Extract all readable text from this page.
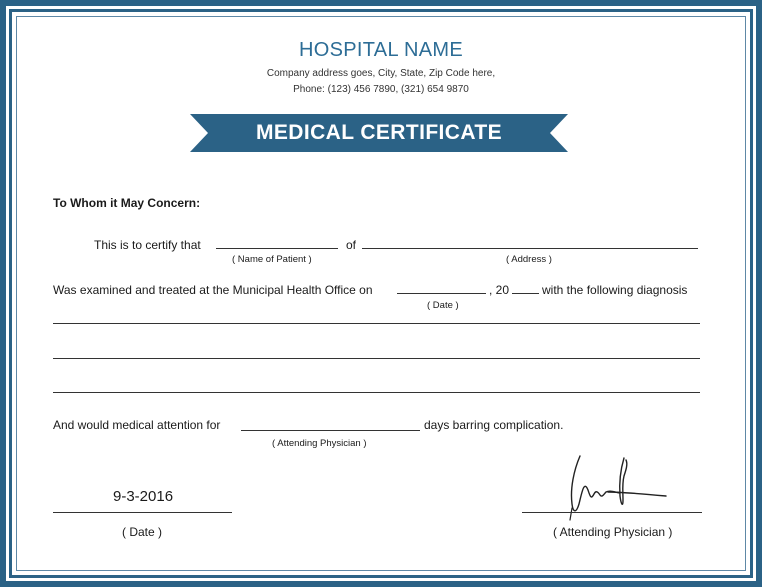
HOSPITAL NAME
Company address goes, City, State, Zip Code here,
Phone: (123) 456 7890, (321) 654 9870
MEDICAL CERTIFICATE
To Whom it May Concern:
This is to certify that	of
( Name of Patient )	( Address )
Was examined and treated at the Municipal Health Office on	, 20	with the following diagnosis
( Date )
And would medical attention for	days barring complication.
( Attending Physician )
9-3-2016
( Date )	( Attending Physician )
